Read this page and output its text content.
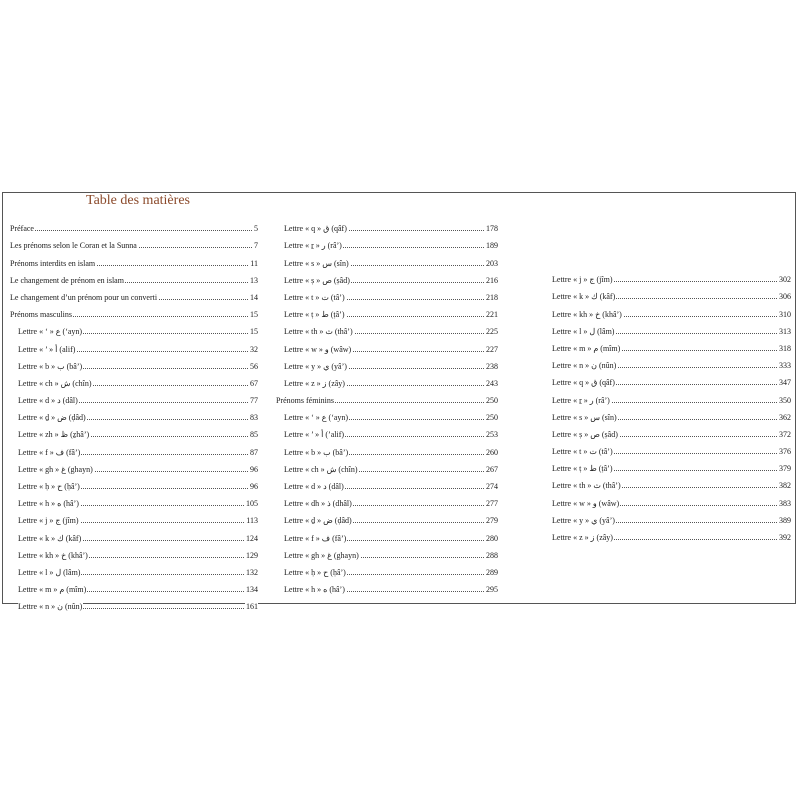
Table des matières
Préface	5
Les prénoms selon le Coran et la Sunna	7
Prénoms interdits en islam	11
Le changement de prénom en islam	13
Le changement d’un prénom pour un converti	14
Prénoms masculins	15
Lettre « ‘ » ع (‘ayn)	15
Lettre « ’ » أ (alif)	32
Lettre « b » ب (bâ’)	56
Lettre « ch » ش (chîn)	67
Lettre « d » د (dâl)	77
Lettre « ḏ » ض (ḍâd)	83
Lettre « zh » ظ (ẕhâ’)	85
Lettre « f » ف (fâ’)	87
Lettre « gh » غ (ghayn)	96
Lettre « ḥ » ح (ḥâ’)	96
Lettre « h » ه (hâ’)	105
Lettre « j » ج (jîm)	113
Lettre « k » ك (kâf)	124
Lettre « kh » خ (khâ’)	129
Lettre « l » ل (lâm)	132
Lettre « m » م (mîm)	134
Lettre « n » ن (nûn)	161
Lettre « q » ق (qâf)	178
Lettre « ṟ » ر (râ’)	189
Lettre « s » س (sîn)	203
Lettre « ṣ » ص (ṣâd)	216
Lettre « t » ت (tâ’)	218
Lettre « ṭ » ط (ṭâ’)	221
Lettre « th » ث (thâ’)	225
Lettre « w » و (wâw)	227
Lettre « y » ي (yâ’)	238
Lettre « z » ز (zây)	243
Prénoms féminins	250
Lettre « ‘ » ع (‘ayn)	250
Lettre « ’ » أ (’alif)	253
Lettre « b » ب (bâ’)	260
Lettre « ch » ش (chîn)	267
Lettre « d » د (dâl)	274
Lettre « dh » ذ (dhâl)	277
Lettre « ḏ » ض (ḍâd)	279
Lettre « f » ف (fâ’)	280
Lettre « gh » غ (ghayn)	288
Lettre « ḥ » ح (ḥâ’)	289
Lettre « h » ه (hâ’)	295
Lettre « j » ج (jîm)	302
Lettre « k » ك (kâf)	306
Lettre « kh » خ (khâ’)	310
Lettre « l » ل (lâm)	313
Lettre « m » م (mîm)	318
Lettre « n » ن (nûn)	333
Lettre « q » ق (qâf)	347
Lettre « ṟ » ر (râ’)	350
Lettre « s » س (sîn)	362
Lettre « ṣ » ص (ṣâd)	372
Lettre « t » ت (tâ’)	376
Lettre « ṭ » ط (ṭâ’)	379
Lettre « th » ث (thâ’)	382
Lettre « w » و (wâw)	383
Lettre « y » ي (yâ’)	389
Lettre « z » ز (zây)	392
